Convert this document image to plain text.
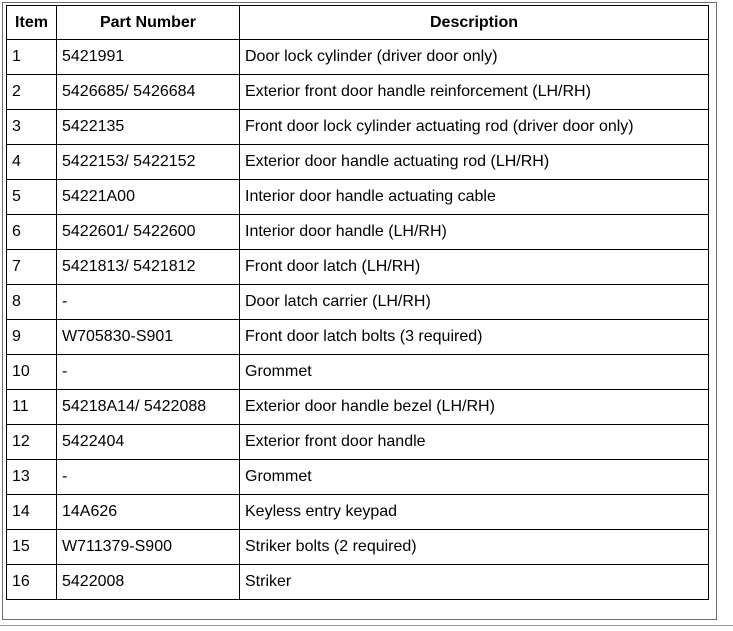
Item	Part Number	Description
1	5421991	Door lock cylinder (driver door only)
2	5426685/ 5426684	Exterior front door handle reinforcement (LH/RH)
3	5422135	Front door lock cylinder actuating rod (driver door only)
4	5422153/ 5422152	Exterior door handle actuating rod (LH/RH)
5	54221A00	Interior door handle actuating cable
6	5422601/ 5422600	Interior door handle (LH/RH)
7	5421813/ 5421812	Front door latch (LH/RH)
8	-	Door latch carrier (LH/RH)
9	W705830-S901	Front door latch bolts (3 required)
10	-	Grommet
11	54218A14/ 5422088	Exterior door handle bezel (LH/RH)
12	5422404	Exterior front door handle
13	-	Grommet
14	14A626	Keyless entry keypad
15	W711379-S900	Striker bolts (2 required)
16	5422008	Striker
